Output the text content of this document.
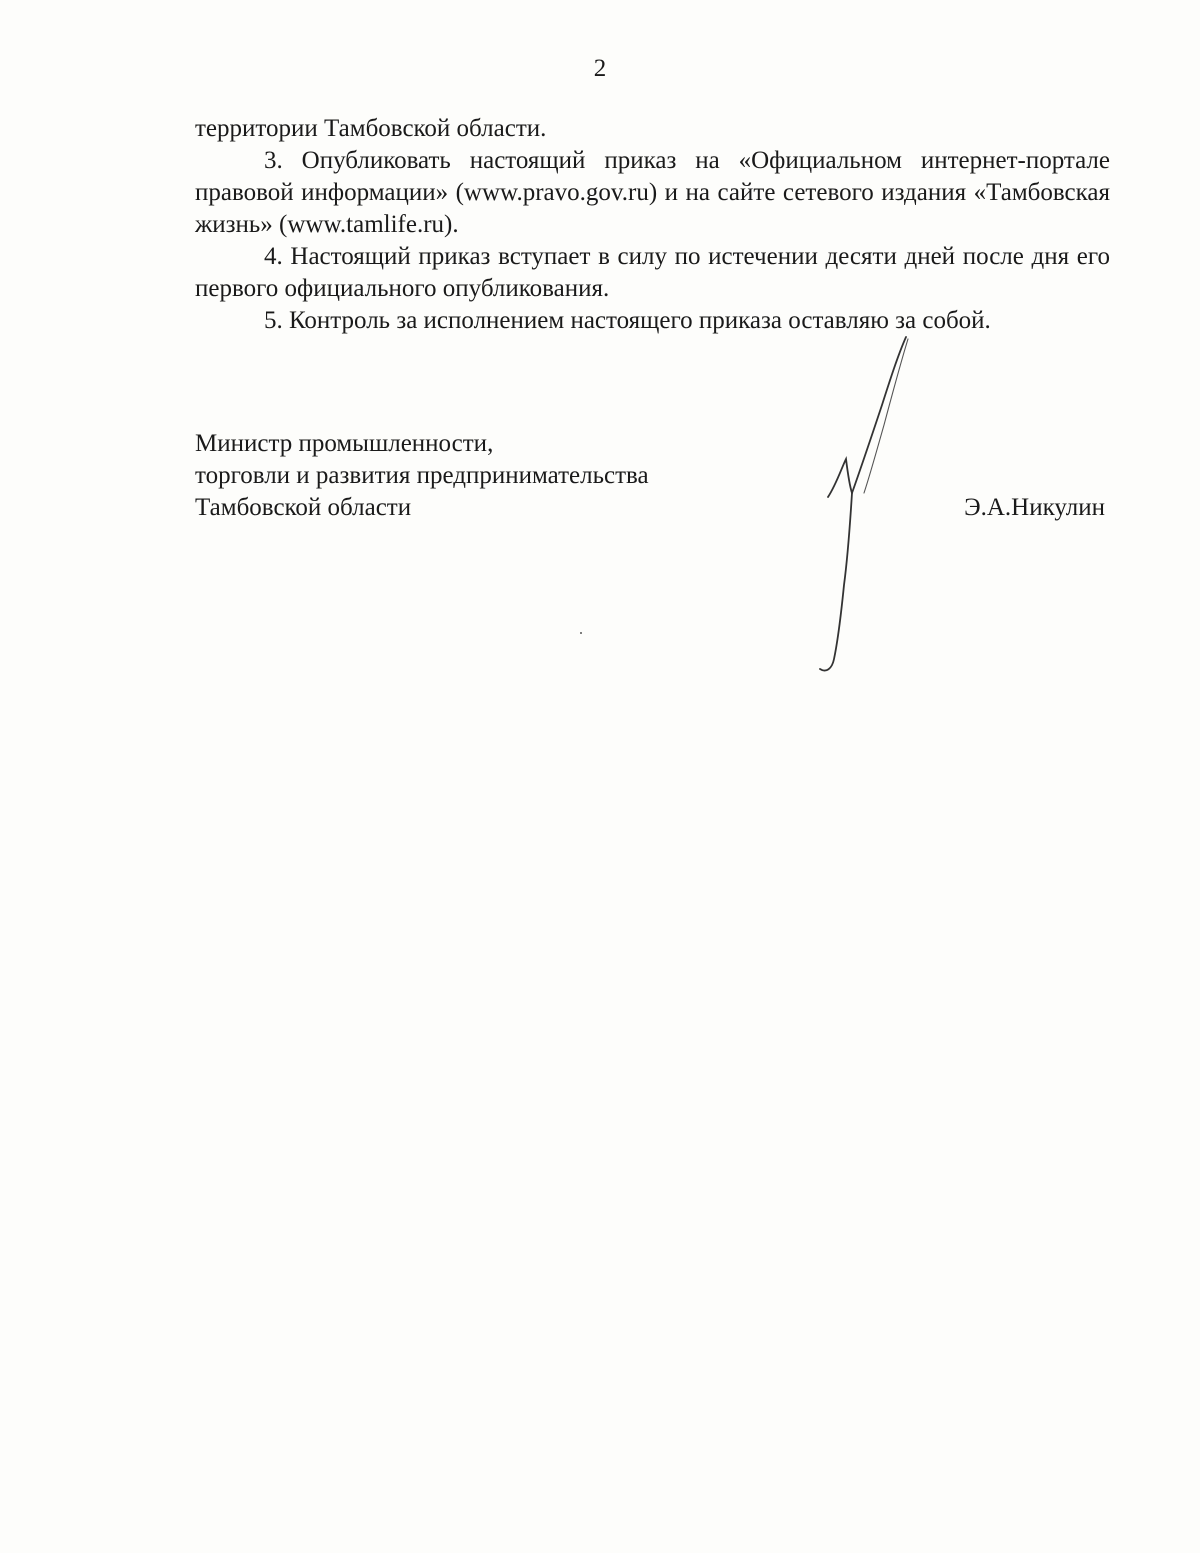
2

территории Тамбовской области.

3. Опубликовать настоящий приказ на «Официальном интернет-портале правовой информации» (www.pravo.gov.ru) и на сайте сетевого издания «Тамбовская жизнь» (www.tamlife.ru).

4. Настоящий приказ вступает в силу по истечении десяти дней после дня его первого официального опубликования.

5. Контроль за исполнением настоящего приказа оставляю за собой.

Министр промышленности,
торговли и развития предпринимательства
Тамбовской области	Э.А.Никулин
